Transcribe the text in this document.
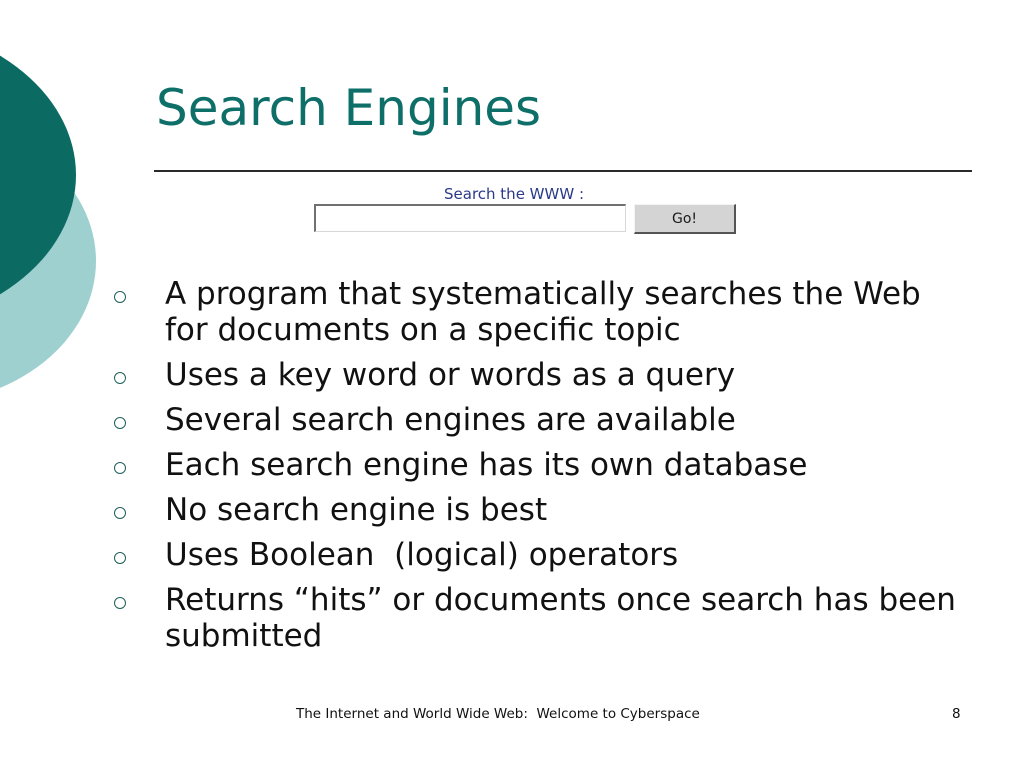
Search Engines
Search the WWW :
Go!
A program that systematically searches the Web for documents on a specific topic
Uses a key word or words as a query
Several search engines are available
Each search engine has its own database
No search engine is best
Uses Boolean  (logical) operators
Returns “hits” or documents once search has been submitted
The Internet and World Wide Web:  Welcome to Cyberspace	8
